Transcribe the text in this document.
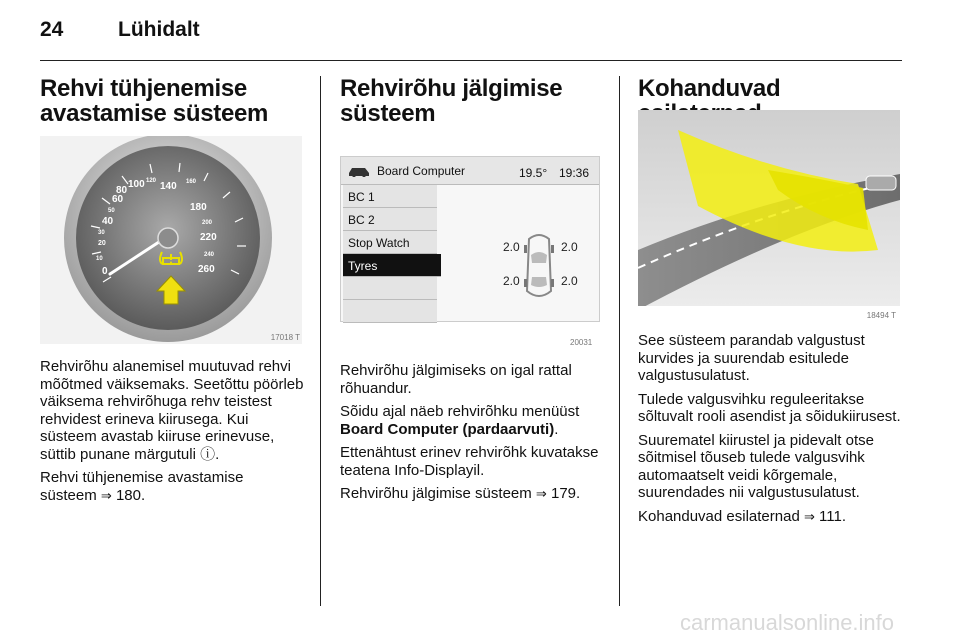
24	Lühidalt
Rehvi tühjenemise
avastamise süsteem
0
10
20
30
40
50
60
80
100 120 140 160
180
200
220
240
260
17018 T

Rehvirõhu alanemisel muutuvad rehvi mõõtmed väiksemaks. Seetõttu pöörleb väiksema rehvirõhuga rehv teistest rehvidest erineva kiirusega. Kui süsteem avastab kiiruse erinevuse, süttib punane märgutuli ⓘ.

Rehvi tühjenemise avastamise süsteem ⇒ 180.

Rehvirõhu jälgimise
süsteem
Board Computer	19.5° 19:36
BC 1
BC 2
Stop Watch
Tyres
2.0	2.0
2.0	2.0
20031

Rehvirõhu jälgimiseks on igal rattal rõhuandur.

Sõidu ajal näeb rehvirõhku menüüst Board Computer (pardaarvuti).

Ettenähtust erinev rehvirõhk kuvatakse teatena Info-Displayil.

Rehvirõhu jälgimise süsteem ⇒ 179.

Kohanduvad
18494 T

See süsteem parandab valgustust kurvides ja suurendab esitulede valgustusulatust.

Tulede valgusvihku reguleeritakse sõltuvalt rooli asendist ja sõidukiirusest.

Suurematel kiirustel ja pidevalt otse sõitmisel tõuseb tulede valgusvihk automaatselt veidi kõrgemale, suurendades nii valgustusulatust.

Kohanduvad esilaternad ⇒ 111.

carmanualsonline.info
